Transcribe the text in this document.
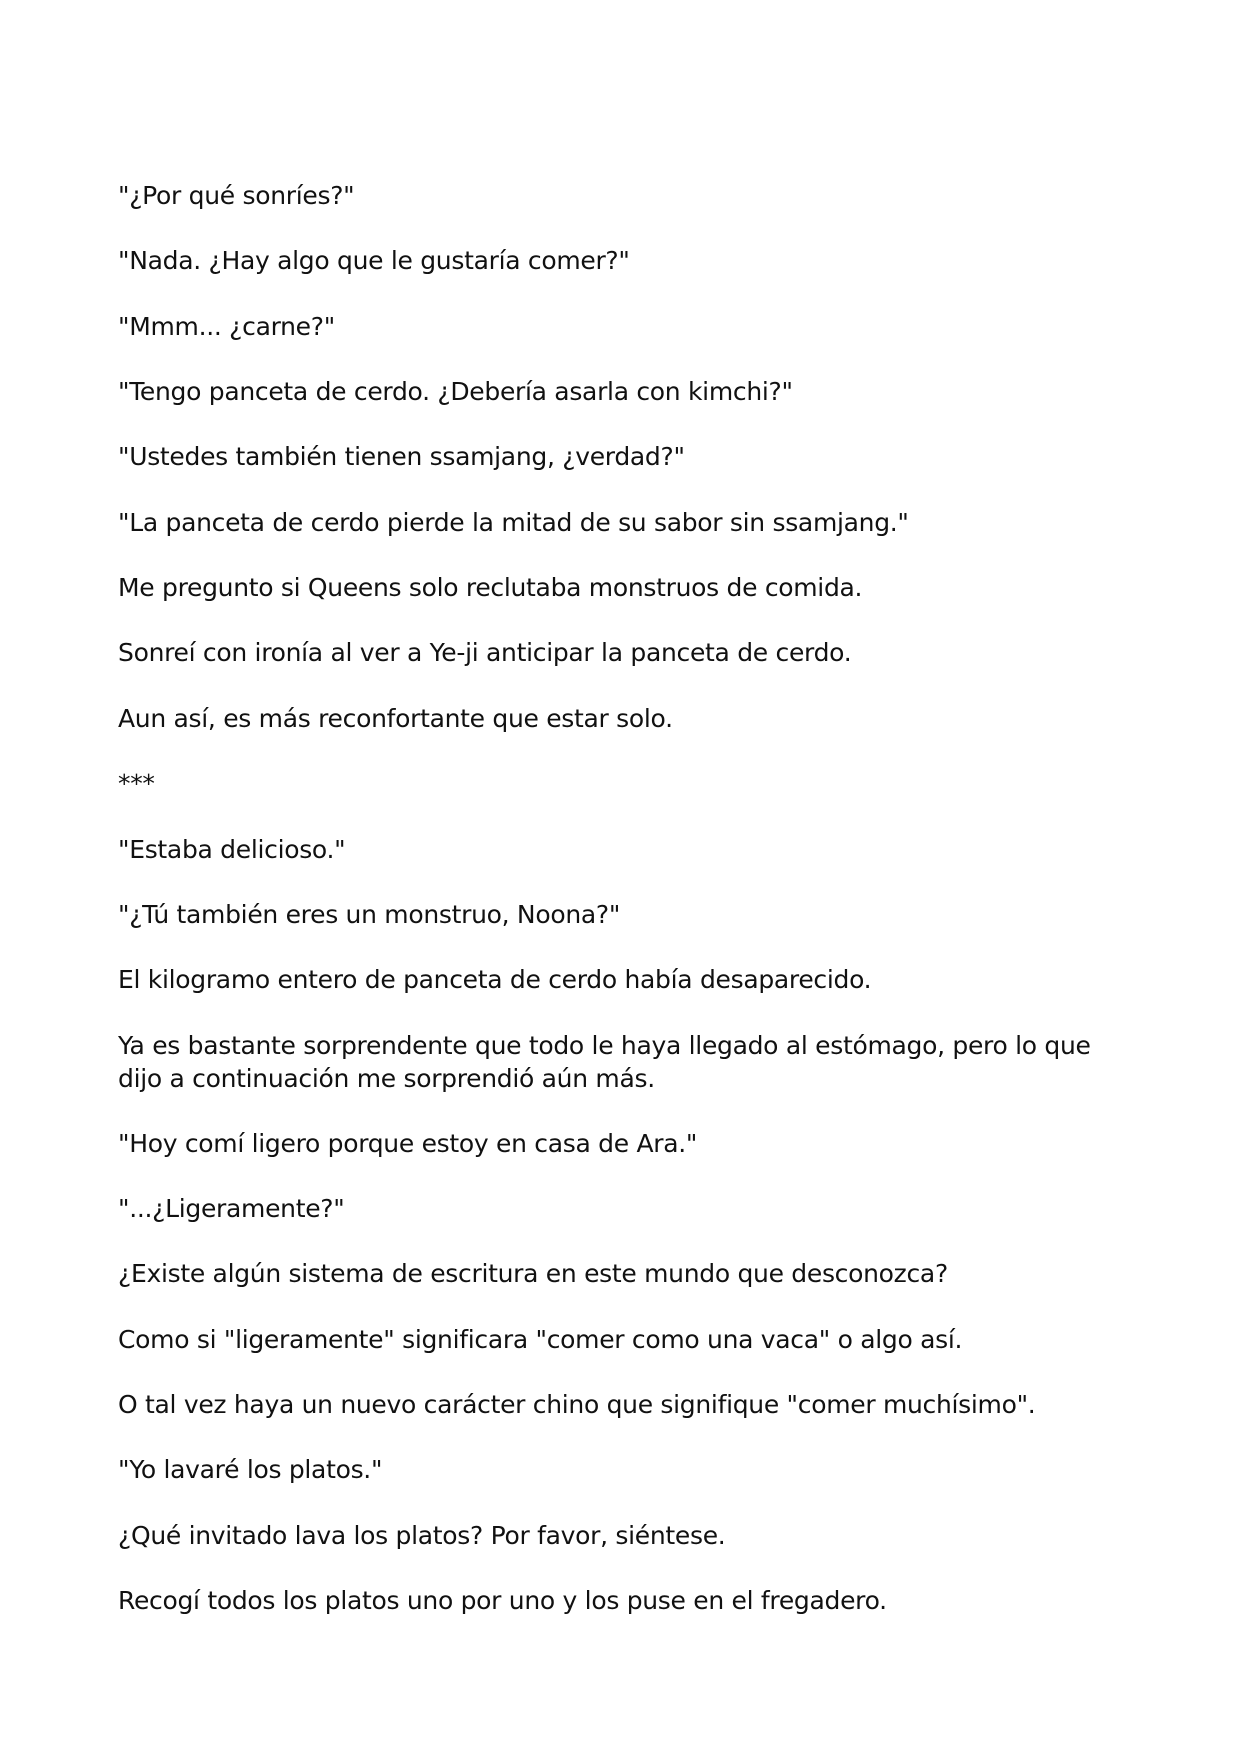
"¿Por qué sonríes?"

"Nada. ¿Hay algo que le gustaría comer?"

"Mmm... ¿carne?"

"Tengo panceta de cerdo. ¿Debería asarla con kimchi?"

"Ustedes también tienen ssamjang, ¿verdad?"

"La panceta de cerdo pierde la mitad de su sabor sin ssamjang."

Me pregunto si Queens solo reclutaba monstruos de comida.

Sonreí con ironía al ver a Ye-ji anticipar la panceta de cerdo.

Aun así, es más reconfortante que estar solo.

***

"Estaba delicioso."

"¿Tú también eres un monstruo, Noona?"

El kilogramo entero de panceta de cerdo había desaparecido.

Ya es bastante sorprendente que todo le haya llegado al estómago, pero lo que dijo a continuación me sorprendió aún más.

"Hoy comí ligero porque estoy en casa de Ara."

"...¿Ligeramente?"

¿Existe algún sistema de escritura en este mundo que desconozca?

Como si "ligeramente" significara "comer como una vaca" o algo así.

O tal vez haya un nuevo carácter chino que signifique "comer muchísimo".

"Yo lavaré los platos."

¿Qué invitado lava los platos? Por favor, siéntese.

Recogí todos los platos uno por uno y los puse en el fregadero.
